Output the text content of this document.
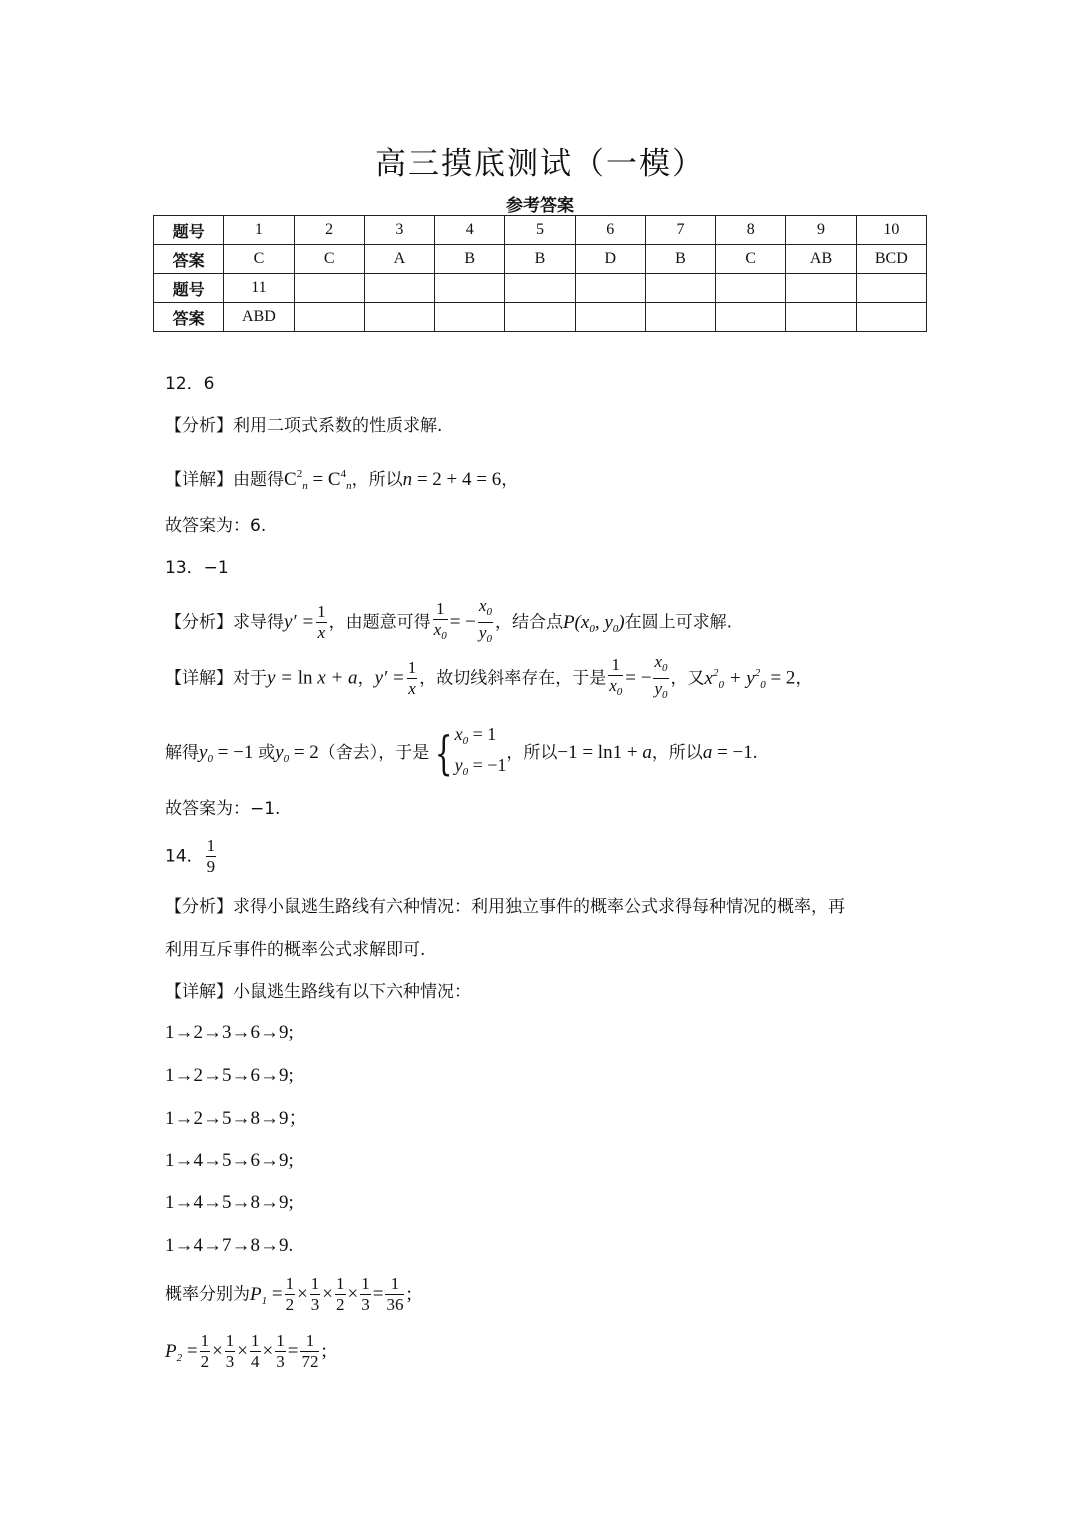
高三摸底测试（一模）
参考答案
题号	1	2	3	4	5	6	7	8	9	10
答案	C	C	A	B	B	D	B	C	AB	BCD
题号	11									
答案	ABD									
12．6
【分析】利用二项式系数的性质求解.
【详解】由题得$C^2_n = C^4_n$，所以n = 2 + 4 = 6，
故答案为：6.
13．−1
【分析】求导得$y' = \frac{1}{x}$ ，由题意可得 $\frac{1}{x_0}$ = − $\frac{x_0}{y_0}$ ，结合点$P(x_0$, $y_0$)在圆上可求解.
【详解】对于y = ln x + a，$y' = \frac{1}{x}$ ，故切线斜率存在，于是 $\frac{1}{x_0}$ = − $\frac{x_0}{y_0}$ ，又$x^2_0 + y^2_0 = 2$，
解得$y_0 = -1$ 或$y_0 = 2$（舍去），于是 { $x_0 = 1$
$y_0 = -1$
，所以−1 = ln1 + a，所以a = −1.
故答案为：−1.
14． $\frac{1}{9}$
【分析】求得小鼠逃生路线有六种情况：利用独立事件的概率公式求得每种情况的概率，再
利用互斥事件的概率公式求解即可.
【详解】小鼠逃生路线有以下六种情况：
1→2→3→6→9;
1→2→5→6→9;
1→2→5→8→9；
1→4→5→6→9;
1→4→5→8→9;
1→4→7→8→9.
概率分别为$P_1 = \frac{1}{2} \times \frac{1}{3} \times \frac{1}{2} \times \frac{1}{3} = \frac{1}{36}$ ;
$P_2 = \frac{1}{2} \times \frac{1}{3} \times \frac{1}{4} \times \frac{1}{3} = \frac{1}{72}$ ;
